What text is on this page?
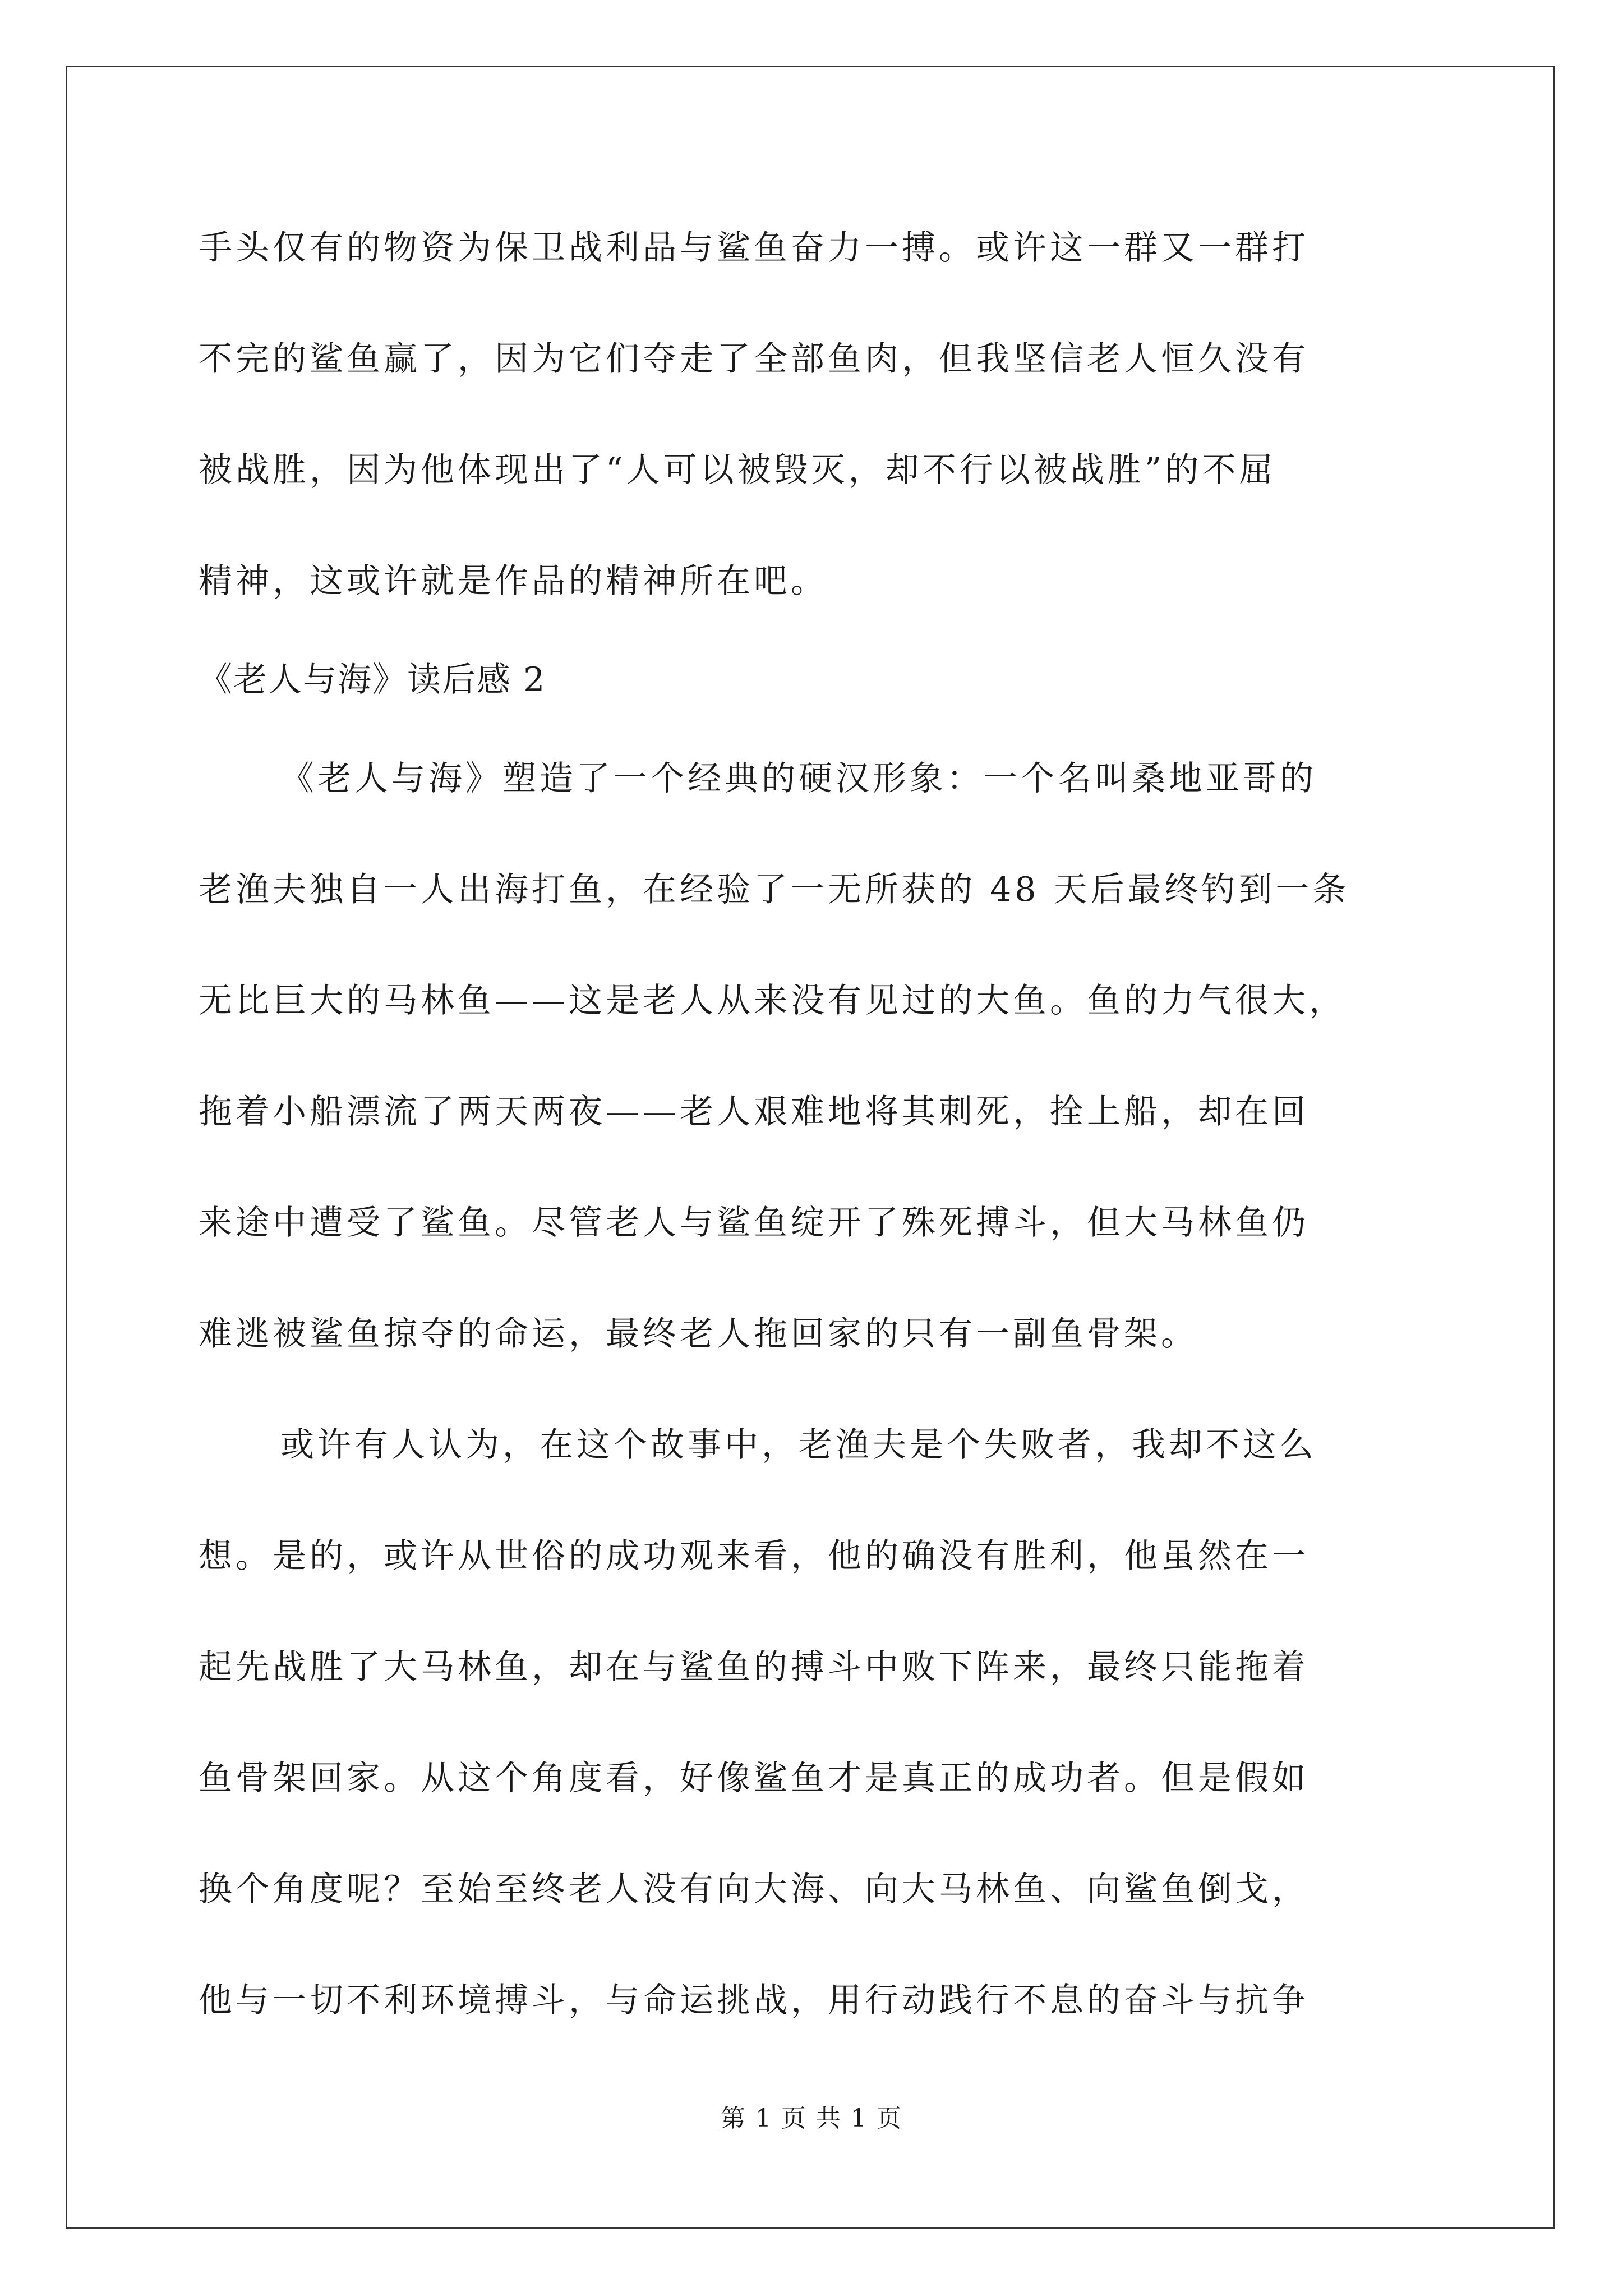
手头仅有的物资为保卫战利品与鲨鱼奋力一搏。或许这一群又一群打
不完的鲨鱼赢了，因为它们夺走了全部鱼肉，但我坚信老人恒久没有
被战胜，因为他体现出了“人可以被毁灭，却不行以被战胜”的不屈
精神，这或许就是作品的精神所在吧。
《老人与海》读后感 2
《老人与海》塑造了一个经典的硬汉形象：一个名叫桑地亚哥的
老渔夫独自一人出海打鱼，在经验了一无所获的 48 天后最终钓到一条
无比巨大的马林鱼——这是老人从来没有见过的大鱼。鱼的力气很大，
拖着小船漂流了两天两夜——老人艰难地将其刺死，拴上船，却在回
来途中遭受了鲨鱼。尽管老人与鲨鱼绽开了殊死搏斗，但大马林鱼仍
难逃被鲨鱼掠夺的命运，最终老人拖回家的只有一副鱼骨架。
或许有人认为，在这个故事中，老渔夫是个失败者，我却不这么
想。是的，或许从世俗的成功观来看，他的确没有胜利，他虽然在一
起先战胜了大马林鱼，却在与鲨鱼的搏斗中败下阵来，最终只能拖着
鱼骨架回家。从这个角度看，好像鲨鱼才是真正的成功者。但是假如
换个角度呢？至始至终老人没有向大海、向大马林鱼、向鲨鱼倒戈，
他与一切不利环境搏斗，与命运挑战，用行动践行不息的奋斗与抗争
第 1 页 共 1 页
